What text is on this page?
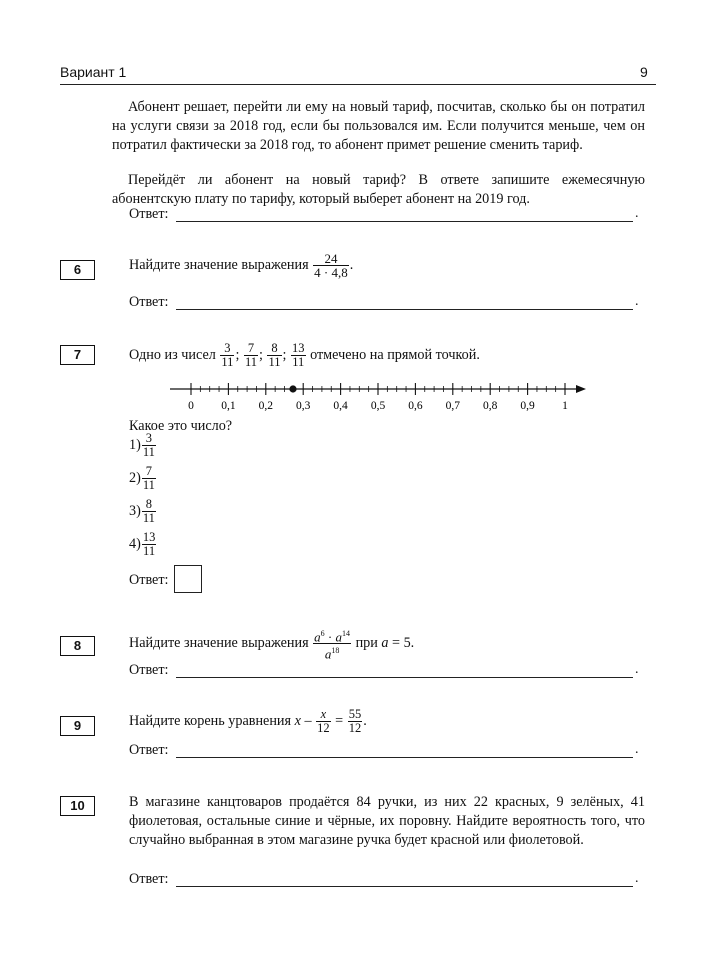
Вариант 1	9
Абонент решает, перейти ли ему на новый тариф, посчитав, сколько бы он потратил на услуги связи за 2018 год, если бы пользовался им. Если получится меньше, чем он потратил фактически за 2018 год, то абонент примет решение сменить тариф.
Перейдёт ли абонент на новый тариф? В ответе запишите ежемесячную абонентскую плату по тарифу, который выберет абонент на 2019 год.
Ответ:	.
6	Найдите значение выражения $\frac{24}{4 \cdot 4,8}$ .
Ответ:	.
7	Одно из чисел $\frac{3}{11}$ ; $\frac{7}{11}$ ; $\frac{8}{11}$ ; $\frac{13}{11}$ отмечено на прямой точкой.
0 0,1 0,2 0,3 0,4 0,5 0,6 0,7 0,8 0,9 1
Какое это число?
$1) \frac{3}{11}$
$2) \frac{7}{11}$
$3) \frac{8}{11}$
$4) \frac{13}{11}$
Ответ:
8	Найдите значение выражения $\frac{a^6 \cdot a^{14}}{a^{18}}$ при a = 5.
Ответ:	.
9	Найдите корень уравнения $x - \frac{x}{12} = \frac{55}{12}$ .
Ответ:	.
10	В магазине канцтоваров продаётся 84 ручки, из них 22 красных, 9 зелёных, 41 фиолетовая, остальные синие и чёрные, их поровну. Найдите вероятность того, что случайно выбранная в этом магазине ручка будет красной или фиолетовой.
Ответ:	.
